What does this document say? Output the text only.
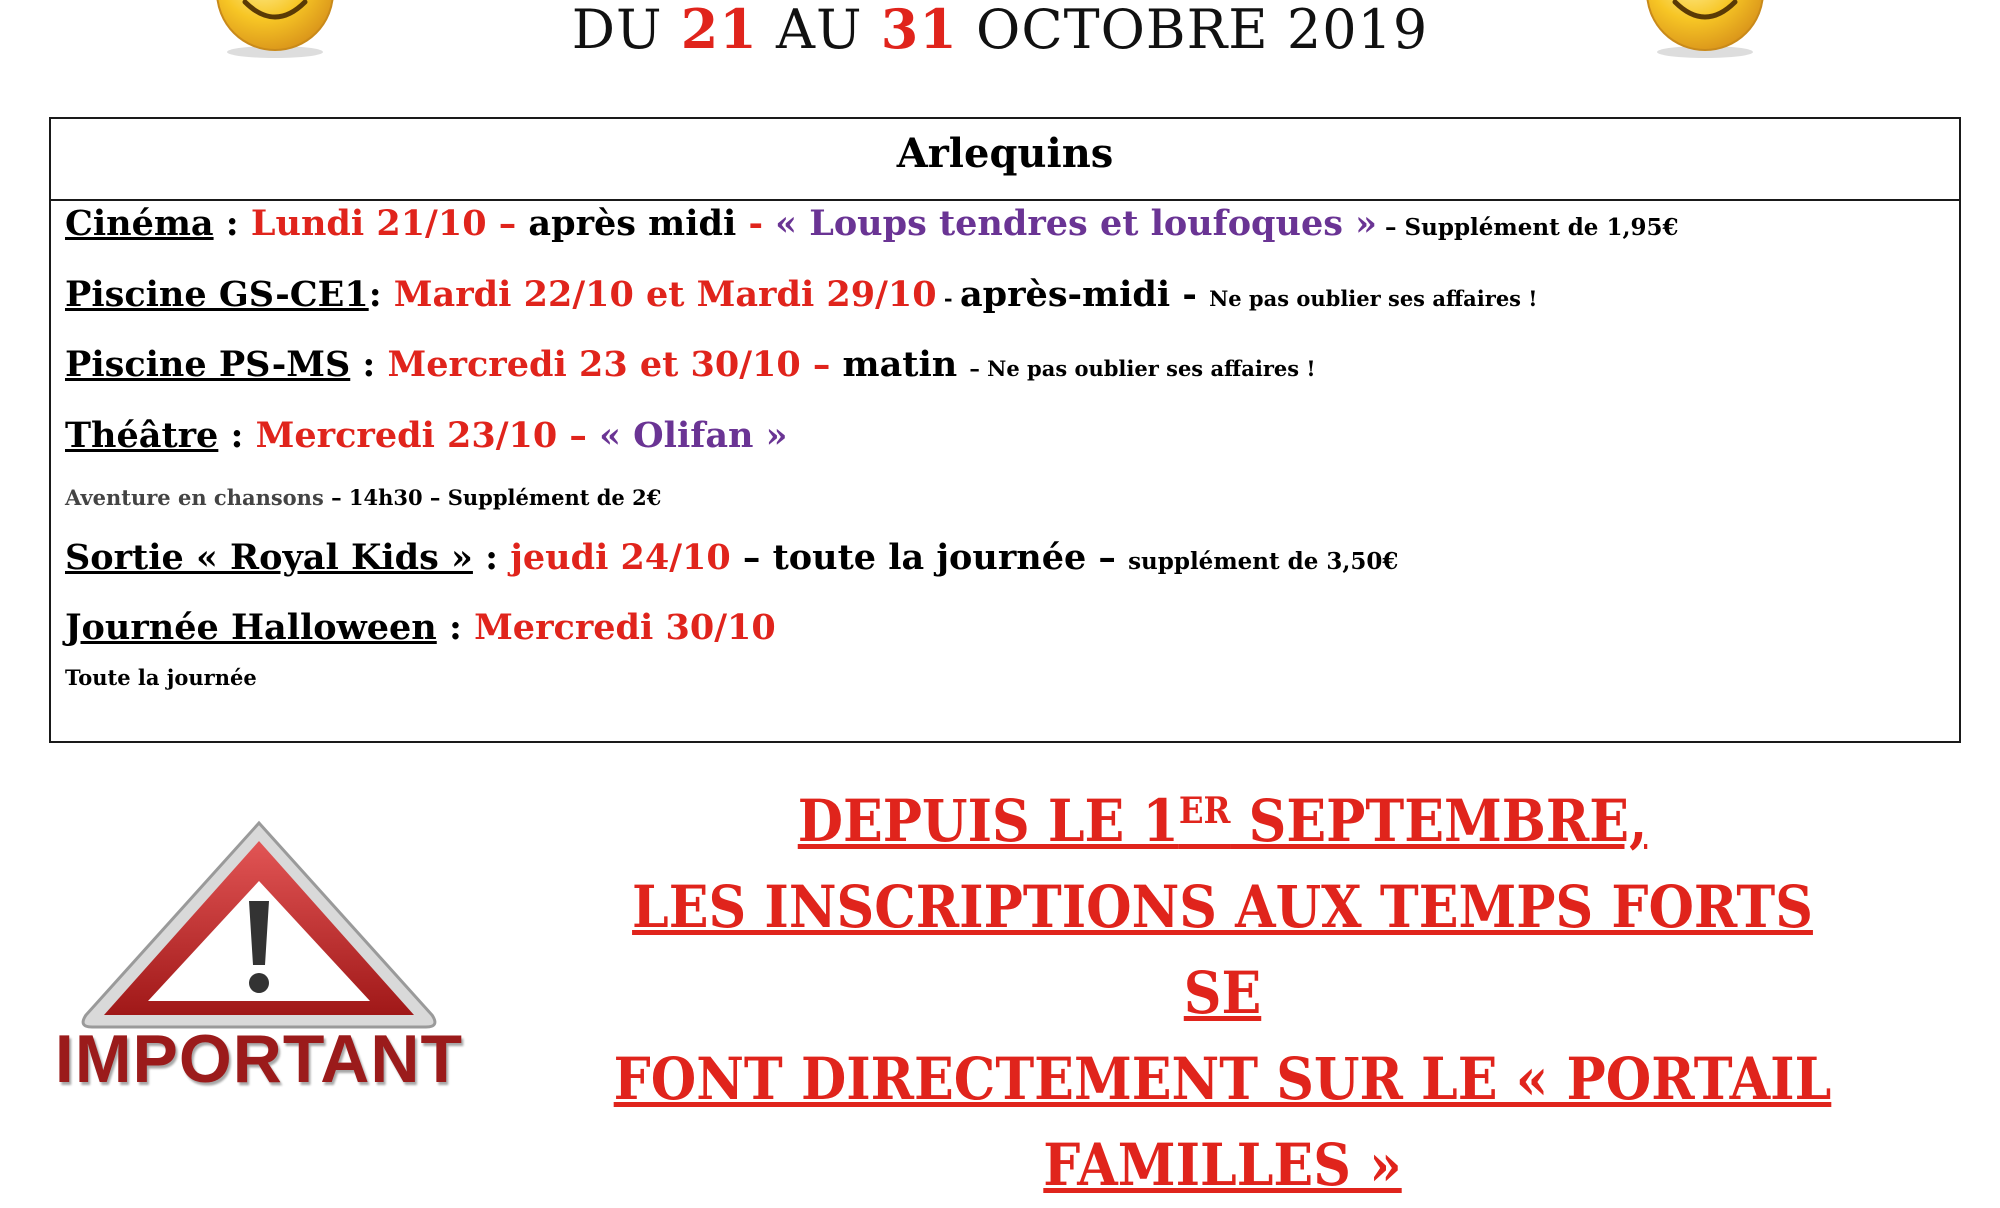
DU 21 AU 31 OCTOBRE 2019
Arlequins
Cinéma : Lundi 21/10 – après midi - « Loups tendres et loufoques » – Supplément de 1,95€
Piscine GS-CE1: Mardi 22/10 et Mardi 29/10 - après-midi - Ne pas oublier ses affaires !
Piscine PS-MS : Mercredi 23 et 30/10 – matin – Ne pas oublier ses affaires !
Théâtre : Mercredi 23/10 – « Olifan »
Aventure en chansons – 14h30 – Supplément de 2€
Sortie « Royal Kids » : jeudi 24/10 – toute la journée – supplément de 3,50€
Journée Halloween : Mercredi 30/10
Toute la journée
IMPORTANT
DEPUIS LE 1ER SEPTEMBRE,
LES INSCRIPTIONS AUX TEMPS FORTS SE
FONT DIRECTEMENT SUR LE « PORTAIL
FAMILLES »
